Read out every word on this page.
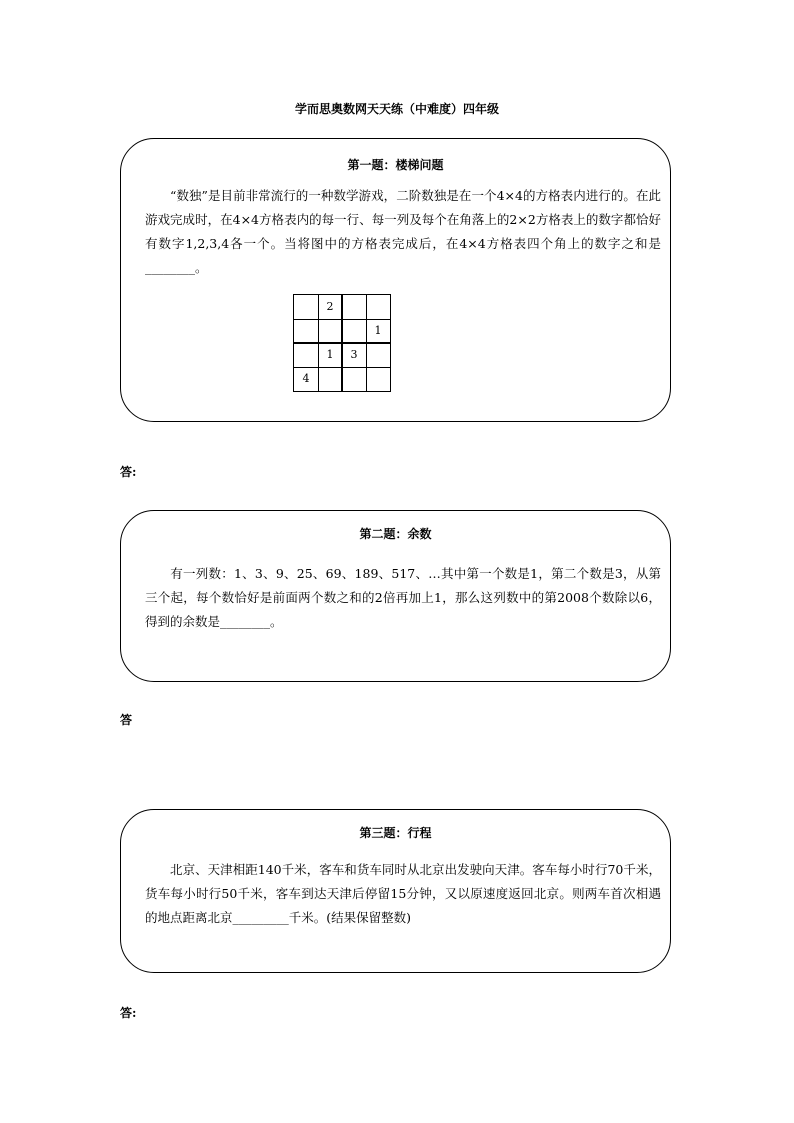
学而思奥数网天天练（中难度）四年级
第一题：楼梯问题
“数独”是目前非常流行的一种数学游戏，二阶数独是在一个4×4的方格表内进行的。在此游戏完成时，在4×4方格表内的每一行、每一列及每个在角落上的2×2方格表上的数字都恰好有数字1,2,3,4各一个。当将图中的方格表完成后，在4×4方格表四个角上的数字之和是________。
2
1
1	3
4
答:
第二题：余数
有一列数：1、3、9、25、69、189、517、…其中第一个数是1，第二个数是3，从第三个起，每个数恰好是前面两个数之和的2倍再加上1，那么这列数中的第2008个数除以6，得到的余数是________。
答
第三题：行程
北京、天津相距140千米，客车和货车同时从北京出发驶向天津。客车每小时行70千米，货车每小时行50千米，客车到达天津后停留15分钟，又以原速度返回北京。则两车首次相遇的地点距离北京_________千米。(结果保留整数)
答:
